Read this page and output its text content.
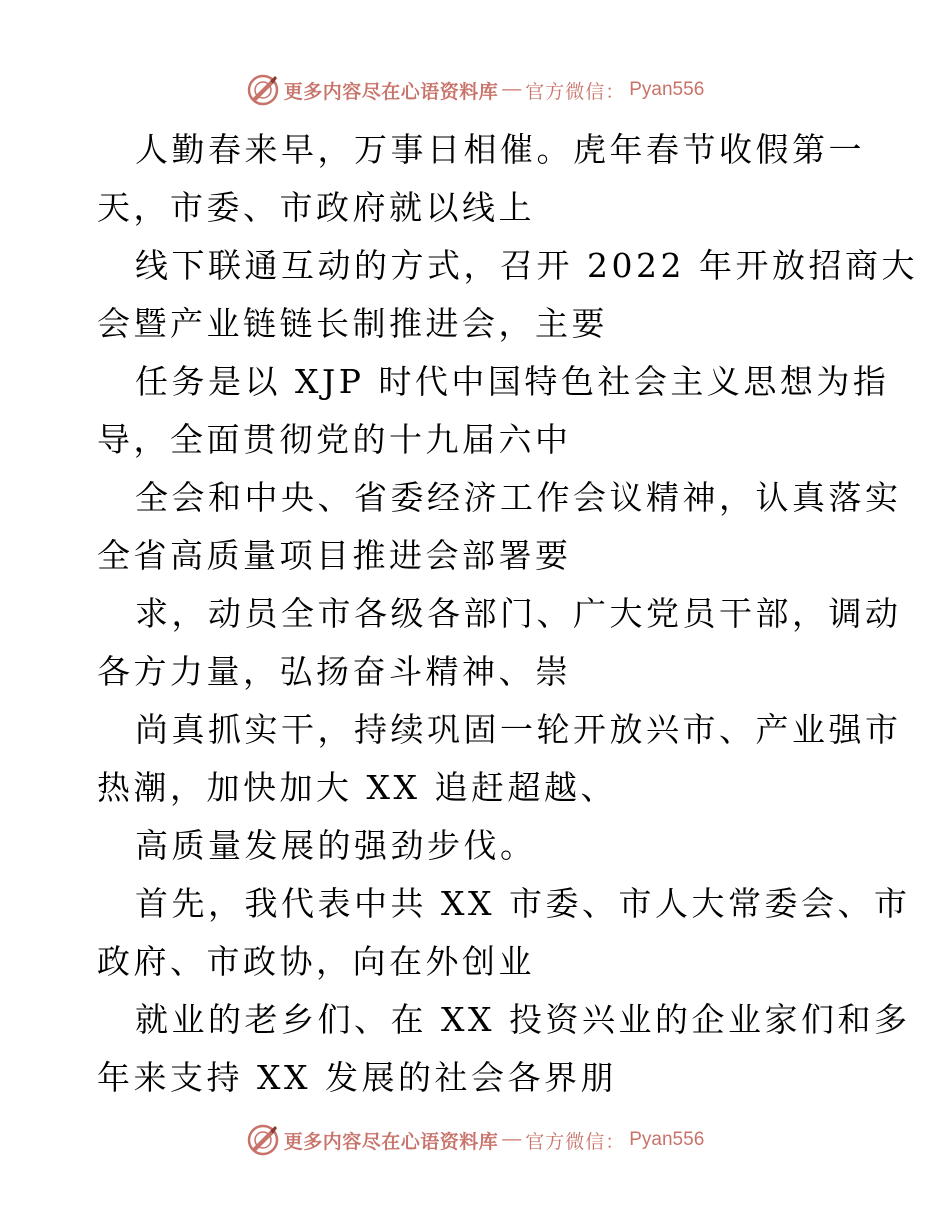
更多内容尽在心语资料库 — 官方微信： Pyan556
人勤春来早，万事日相催。虎年春节收假第一
天，市委、市政府就以线上
线下联通互动的方式，召开 2022 年开放招商大
会暨产业链链长制推进会，主要
任务是以 XJP 时代中国特色社会主义思想为指
导，全面贯彻党的十九届六中
全会和中央、省委经济工作会议精神，认真落实
全省高质量项目推进会部署要
求，动员全市各级各部门、广大党员干部，调动
各方力量，弘扬奋斗精神、崇
尚真抓实干，持续巩固一轮开放兴市、产业强市
热潮，加快加大 XX 追赶超越、
高质量发展的强劲步伐。
首先，我代表中共 XX 市委、市人大常委会、市
政府、市政协，向在外创业
就业的老乡们、在 XX 投资兴业的企业家们和多
年来支持 XX 发展的社会各界朋
更多内容尽在心语资料库 — 官方微信： Pyan556
